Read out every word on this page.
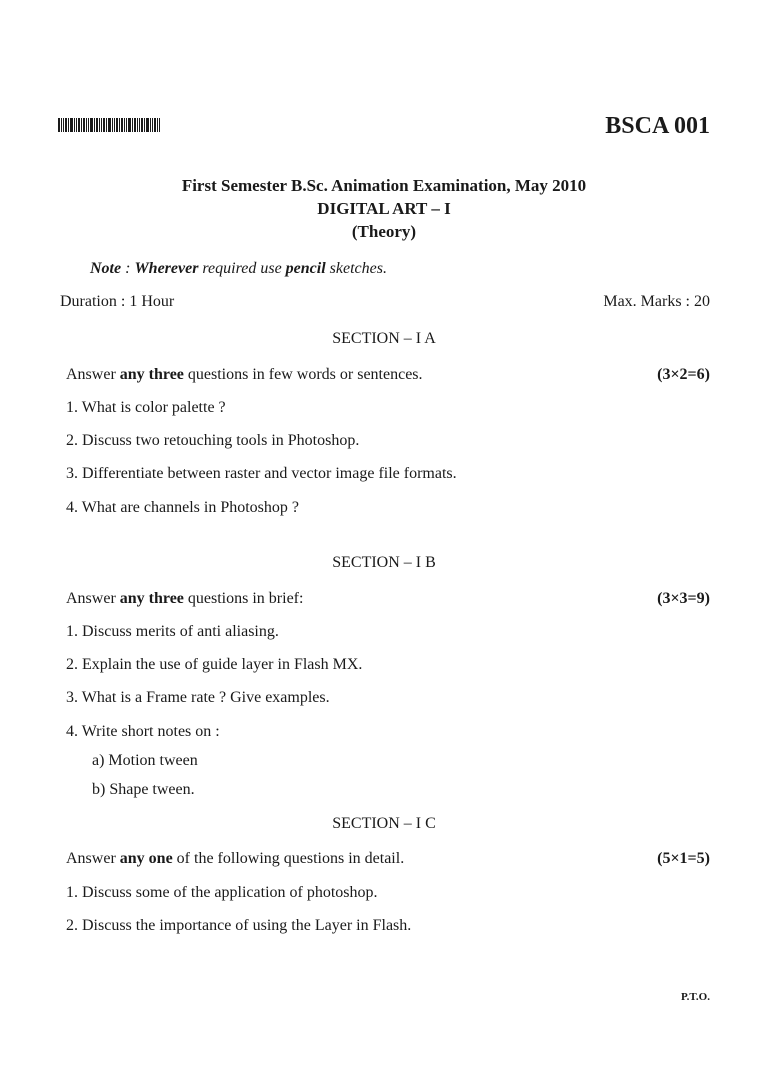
BSCA 001
First Semester B.Sc. Animation Examination, May 2010
DIGITAL ART – I
(Theory)
Note : Wherever required use pencil sketches.
Duration : 1 Hour	Max. Marks : 20
SECTION – I A
Answer any three questions in few words or sentences.	(3×2=6)
1. What is color palette ?
2. Discuss two retouching tools in Photoshop.
3. Differentiate between raster and vector image file formats.
4. What are channels in Photoshop ?
SECTION – I B
Answer any three questions in brief:	(3×3=9)
1. Discuss merits of anti aliasing.
2. Explain the use of guide layer in Flash MX.
3. What is a Frame rate ? Give examples.
4. Write short notes on :
a) Motion tween
b) Shape tween.
SECTION – I C
Answer any one of the following questions in detail.	(5×1=5)
1. Discuss some of the application of photoshop.
2. Discuss the importance of using the Layer in Flash.
P.T.O.
